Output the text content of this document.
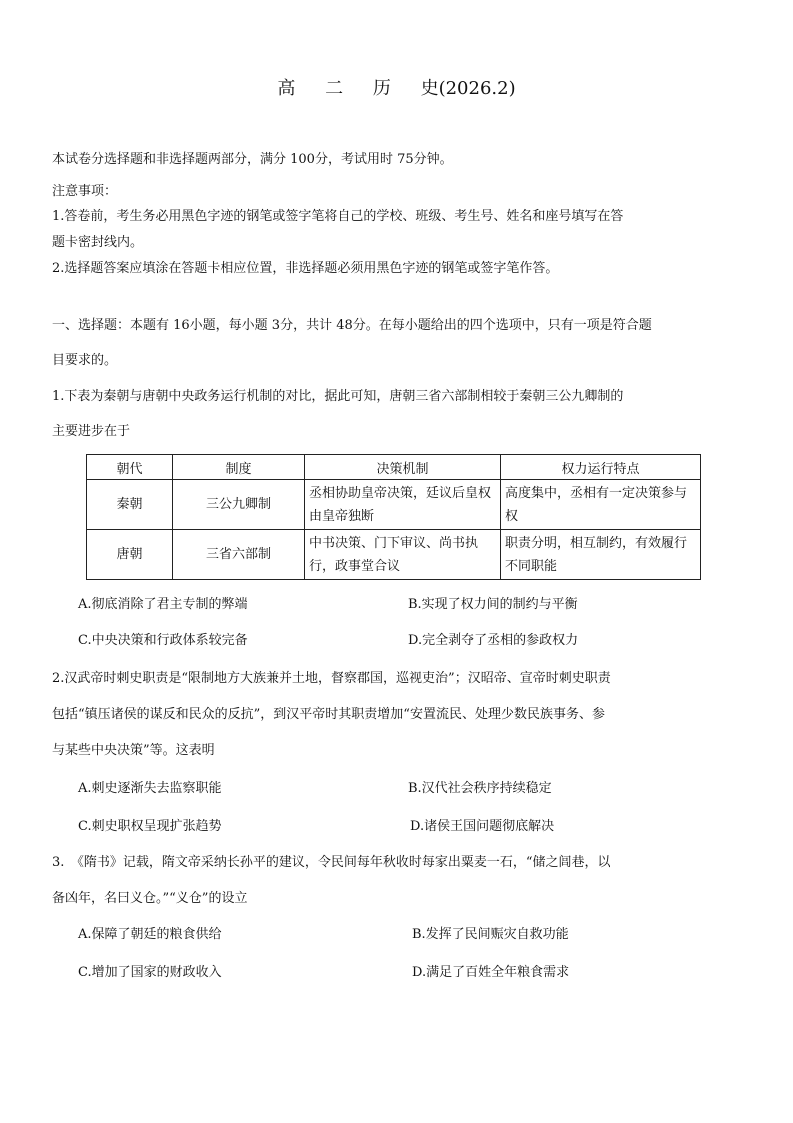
高 二 历 史(2026.2)
本试卷分选择题和非选择题两部分，满分 100分，考试用时 75分钟。
注意事项：
1.答卷前，考生务必用黑色字迹的钢笔或签字笔将自己的学校、班级、考生号、姓名和座号填写在答
题卡密封线内。
2.选择题答案应填涂在答题卡相应位置，非选择题必须用黑色字迹的钢笔或签字笔作答。
一、选择题：本题有 16小题，每小题 3分，共计 48分。在每小题给出的四个选项中，只有一项是符合题
目要求的。
1.下表为秦朝与唐朝中央政务运行机制的对比，据此可知，唐朝三省六部制相较于秦朝三公九卿制的
主要进步在于
朝代	制度	决策机制	权力运行特点
秦朝	三公九卿制	丞相协助皇帝决策，廷议后皇权由皇帝独断	高度集中，丞相有一定决策参与权
唐朝	三省六部制	中书决策、门下审议、尚书执行，政事堂合议	职责分明，相互制约，有效履行不同职能
A.彻底消除了君主专制的弊端	B.实现了权力间的制约与平衡
C.中央决策和行政体系较完备	D.完全剥夺了丞相的参政权力
2.汉武帝时刺史职责是“限制地方大族兼并土地，督察郡国，巡视吏治”；汉昭帝、宣帝时刺史职责
包括“镇压诸侯的谋反和民众的反抗”，到汉平帝时其职责增加“安置流民、处理少数民族事务、参
与某些中央决策”等。这表明
A.刺史逐渐失去监察职能	B.汉代社会秩序持续稳定
C.刺史职权呈现扩张趋势	D.诸侯王国问题彻底解决
3.　《隋书》记载，隋文帝采纳长孙平的建议，令民间每年秋收时每家出粟麦一石，“储之闾巷，以
备凶年，名曰义仓。”“义仓”的设立
A.保障了朝廷的粮食供给	B.发挥了民间赈灾自救功能
C.增加了国家的财政收入	D.满足了百姓全年粮食需求
